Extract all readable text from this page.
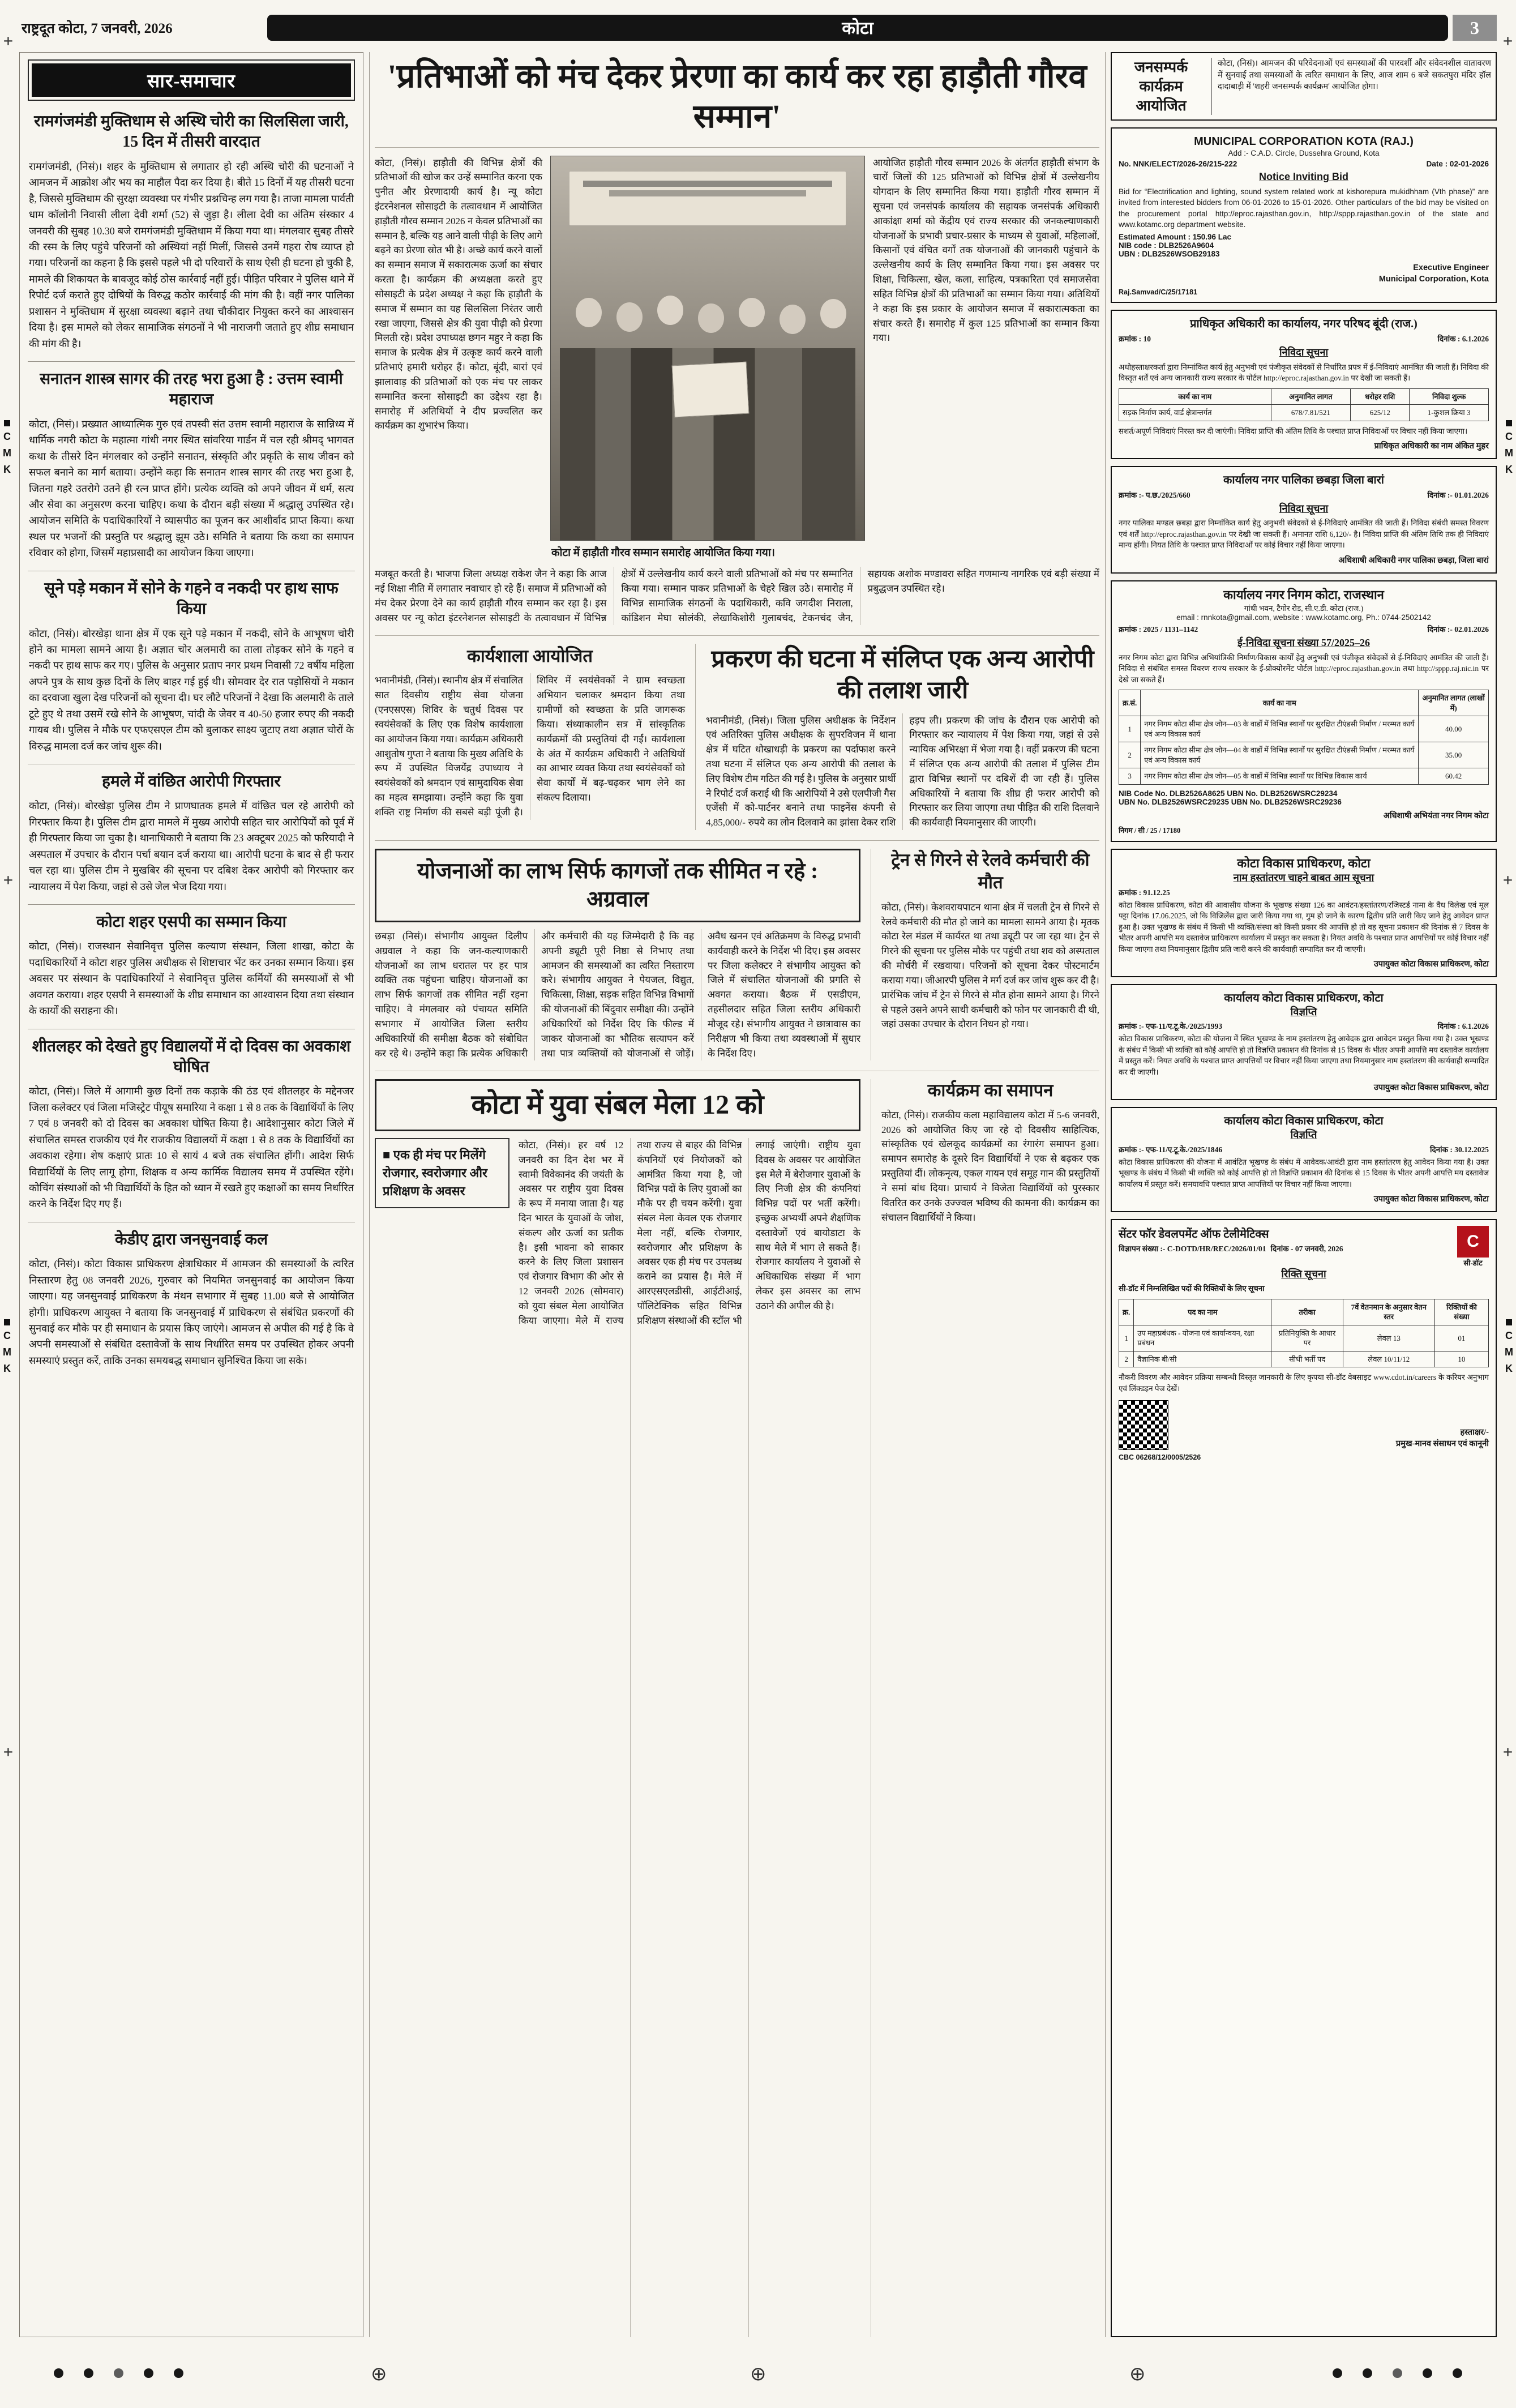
राष्ट्रदूत कोटा, 7 जनवरी, 2026	कोटा	3
सार-समाचार
रामगंजमंडी मुक्तिधाम से अस्थि चोरी का सिलसिला जारी, 15 दिन में तीसरी वारदात

रामगंजमंडी, (निसं)। शहर के मुक्तिधाम से लगातार हो रही अस्थि चोरी की घटनाओं ने आमजन में आक्रोश और भय का माहौल पैदा कर दिया है। बीते 15 दिनों में यह तीसरी घटना है, जिससे मुक्तिधाम की सुरक्षा व्यवस्था पर गंभीर प्रश्नचिन्ह लग गया है। ताजा मामला पार्वती धाम कॉलोनी निवासी लीला देवी शर्मा (52) से जुड़ा है। लीला देवी का अंतिम संस्कार 4 जनवरी की सुबह 10.30 बजे रामगंजमंडी मुक्तिधाम में किया गया था। मंगलवार सुबह तीसरे की रस्म के लिए पहुंचे परिजनों को अस्थियां नहीं मिलीं, जिससे उनमें गहरा रोष व्याप्त हो गया। परिजनों का कहना है कि इससे पहले भी दो परिवारों के साथ ऐसी ही घटना हो चुकी है, मामले की शिकायत के बावजूद कोई ठोस कार्रवाई नहीं हुई। पीड़ित परिवार ने पुलिस थाने में रिपोर्ट दर्ज कराते हुए दोषियों के विरुद्ध कठोर कार्रवाई की मांग की है। वहीं नगर पालिका प्रशासन ने मुक्तिधाम में सुरक्षा व्यवस्था बढ़ाने तथा चौकीदार नियुक्त करने का आश्वासन दिया है। इस मामले को लेकर सामाजिक संगठनों ने भी नाराजगी जताते हुए शीघ्र समाधान की मांग की है।

सनातन शास्त्र सागर की तरह भरा हुआ है : उत्तम स्वामी महाराज

कोटा, (निसं)। प्रख्यात आध्यात्मिक गुरु एवं तपस्वी संत उत्तम स्वामी महाराज के सान्निध्य में धार्मिक नगरी कोटा के महात्मा गांधी नगर स्थित सांवरिया गार्डन में चल रही श्रीमद् भागवत कथा के तीसरे दिन मंगलवार को उन्होंने सनातन, संस्कृति और प्रकृति के साथ जीवन को सफल बनाने का मार्ग बताया। उन्होंने कहा कि सनातन शास्त्र सागर की तरह भरा हुआ है, जितना गहरे उतरोगे उतने ही रत्न प्राप्त होंगे। प्रत्येक व्यक्ति को अपने जीवन में धर्म, सत्य और सेवा का अनुसरण करना चाहिए। कथा के दौरान बड़ी संख्या में श्रद्धालु उपस्थित रहे। आयोजन समिति के पदाधिकारियों ने व्यासपीठ का पूजन कर आशीर्वाद प्राप्त किया। कथा स्थल पर भजनों की प्रस्तुति पर श्रद्धालु झूम उठे। समिति ने बताया कि कथा का समापन रविवार को होगा, जिसमें महाप्रसादी का आयोजन किया जाएगा।

सूने पड़े मकान में सोने के गहने व नकदी पर हाथ साफ किया

कोटा, (निसं)। बोरखेड़ा थाना क्षेत्र में एक सूने पड़े मकान में नकदी, सोने के आभूषण चोरी होने का मामला सामने आया है। अज्ञात चोर अलमारी का ताला तोड़कर सोने के गहने व नकदी पर हाथ साफ कर गए। पुलिस के अनुसार प्रताप नगर प्रथम निवासी 72 वर्षीय महिला अपने पुत्र के साथ कुछ दिनों के लिए बाहर गई हुई थी। सोमवार देर रात पड़ोसियों ने मकान का दरवाजा खुला देख परिजनों को सूचना दी। घर लौटे परिजनों ने देखा कि अलमारी के ताले टूटे हुए थे तथा उसमें रखे सोने के आभूषण, चांदी के जेवर व 40-50 हजार रुपए की नकदी गायब थी। पुलिस ने मौके पर एफएसएल टीम को बुलाकर साक्ष्य जुटाए तथा अज्ञात चोरों के विरुद्ध मामला दर्ज कर जांच शुरू की।

हमले में वांछित आरोपी गिरफ्तार

कोटा, (निसं)। बोरखेड़ा पुलिस टीम ने प्राणघातक हमले में वांछित चल रहे आरोपी को गिरफ्तार किया है। पुलिस टीम द्वारा मामले में मुख्य आरोपी सहित चार आरोपियों को पूर्व में ही गिरफ्तार किया जा चुका है। थानाधिकारी ने बताया कि 23 अक्टूबर 2025 को फरियादी ने अस्पताल में उपचार के दौरान पर्चा बयान दर्ज कराया था। आरोपी घटना के बाद से ही फरार चल रहा था। पुलिस टीम ने मुखबिर की सूचना पर दबिश देकर आरोपी को गिरफ्तार कर न्यायालय में पेश किया, जहां से उसे जेल भेज दिया गया।

कोटा शहर एसपी का सम्मान किया

कोटा, (निसं)। राजस्थान सेवानिवृत्त पुलिस कल्याण संस्थान, जिला शाखा, कोटा के पदाधिकारियों ने कोटा शहर पुलिस अधीक्षक से शिष्टाचार भेंट कर उनका सम्मान किया। इस अवसर पर संस्थान के पदाधिकारियों ने सेवानिवृत्त पुलिस कर्मियों की समस्याओं से भी अवगत कराया। शहर एसपी ने समस्याओं के शीघ्र समाधान का आश्वासन दिया तथा संस्थान के कार्यों की सराहना की।

शीतलहर को देखते हुए विद्यालयों में दो दिवस का अवकाश घोषित

कोटा, (निसं)। जिले में आगामी कुछ दिनों तक कड़ाके की ठंड एवं शीतलहर के मद्देनजर जिला कलेक्टर एवं जिला मजिस्ट्रेट पीयूष समारिया ने कक्षा 1 से 8 तक के विद्यार्थियों के लिए 7 एवं 8 जनवरी को दो दिवस का अवकाश घोषित किया है। आदेशानुसार कोटा जिले में संचालित समस्त राजकीय एवं गैर राजकीय विद्यालयों में कक्षा 1 से 8 तक के विद्यार्थियों का अवकाश रहेगा। शेष कक्षाएं प्रातः 10 से सायं 4 बजे तक संचालित होंगी। आदेश सिर्फ विद्यार्थियों के लिए लागू होगा, शिक्षक व अन्य कार्मिक विद्यालय समय में उपस्थित रहेंगे। कोचिंग संस्थाओं को भी विद्यार्थियों के हित को ध्यान में रखते हुए कक्षाओं का समय निर्धारित करने के निर्देश दिए गए हैं।

केडीए द्वारा जनसुनवाई कल

कोटा, (निसं)। कोटा विकास प्राधिकरण क्षेत्राधिकार में आमजन की समस्याओं के त्वरित निस्तारण हेतु 08 जनवरी 2026, गुरुवार को नियमित जनसुनवाई का आयोजन किया जाएगा। यह जनसुनवाई प्राधिकरण के मंथन सभागार में सुबह 11.00 बजे से आयोजित होगी। प्राधिकरण आयुक्त ने बताया कि जनसुनवाई में प्राधिकरण से संबंधित प्रकरणों की सुनवाई कर मौके पर ही समाधान के प्रयास किए जाएंगे। आमजन से अपील की गई है कि वे अपनी समस्याओं से संबंधित दस्तावेजों के साथ निर्धारित समय पर उपस्थित होकर अपनी समस्याएं प्रस्तुत करें, ताकि उनका समयबद्ध समाधान सुनिश्चित किया जा सके।

'प्रतिभाओं को मंच देकर प्रेरणा का कार्य कर रहा हाड़ौती गौरव सम्मान'

कोटा, (निसं)। हाड़ौती की विभिन्न क्षेत्रों की प्रतिभाओं की खोज कर उन्हें सम्मानित करना एक पुनीत और प्रेरणादायी कार्य है। न्यू कोटा इंटरनेशनल सोसाइटी के तत्वावधान में आयोजित हाड़ौती गौरव सम्मान 2026 न केवल प्रतिभाओं का सम्मान है, बल्कि यह आने वाली पीढ़ी के लिए आगे बढ़ने का प्रेरणा स्रोत भी है। अच्छे कार्य करने वालों का सम्मान समाज में सकारात्मक ऊर्जा का संचार करता है। कार्यक्रम की अध्यक्षता करते हुए सोसाइटी के प्रदेश अध्यक्ष ने कहा कि हाड़ौती के समाज में सम्मान का यह सिलसिला निरंतर जारी रखा जाएगा, जिससे क्षेत्र की युवा पीढ़ी को प्रेरणा मिलती रहे। प्रदेश उपाध्यक्ष छगन महुर ने कहा कि समाज के प्रत्येक क्षेत्र में उत्कृष्ट कार्य करने वाली प्रतिभाएं हमारी धरोहर हैं। कोटा, बूंदी, बारां एवं झालावाड़ की प्रतिभाओं को एक मंच पर लाकर सम्मानित करना सोसाइटी का उद्देश्य रहा है। समारोह में अतिथियों ने दीप प्रज्वलित कर कार्यक्रम का शुभारंभ किया।

कोटा में हाड़ौती गौरव सम्मान समारोह आयोजित किया गया।

आयोजित हाड़ौती गौरव सम्मान 2026 के अंतर्गत हाड़ौती संभाग के चारों जिलों की 125 प्रतिभाओं को विभिन्न क्षेत्रों में उल्लेखनीय योगदान के लिए सम्मानित किया गया। हाड़ौती गौरव सम्मान में सूचना एवं जनसंपर्क कार्यालय की सहायक जनसंपर्क अधिकारी आकांक्षा शर्मा को केंद्रीय एवं राज्य सरकार की जनकल्याणकारी योजनाओं के प्रभावी प्रचार-प्रसार के माध्यम से युवाओं, महिलाओं, किसानों एवं वंचित वर्गों तक योजनाओं की जानकारी पहुंचाने के उल्लेखनीय कार्य के लिए सम्मानित किया गया। इस अवसर पर शिक्षा, चिकित्सा, खेल, कला, साहित्य, पत्रकारिता एवं समाजसेवा सहित विभिन्न क्षेत्रों की प्रतिभाओं का सम्मान किया गया। अतिथियों ने कहा कि इस प्रकार के आयोजन समाज में सकारात्मकता का संचार करते हैं। समारोह में कुल 125 प्रतिभाओं का सम्मान किया गया।

मजबूत करती है। भाजपा जिला अध्यक्ष राकेश जैन ने कहा कि आज नई शिक्षा नीति में लगातार नवाचार हो रहे हैं। समाज में प्रतिभाओं को मंच देकर प्रेरणा देने का कार्य हाड़ौती गौरव सम्मान कर रहा है। इस अवसर पर न्यू कोटा इंटरनेशनल सोसाइटी के तत्वावधान में विभिन्न क्षेत्रों में उल्लेखनीय कार्य करने वाली प्रतिभाओं को मंच पर सम्मानित किया गया। सम्मान पाकर प्रतिभाओं के चेहरे खिल उठे। समारोह में विभिन्न सामाजिक संगठनों के पदाधिकारी, कवि जगदीश निराला, कांडिशन मेघा सोलंकी, लेखाकिशोरी गुलाबचंद, टेकनचंद जैन, सहायक अशोक मण्डावरा सहित गणमान्य नागरिक एवं बड़ी संख्या में प्रबुद्धजन उपस्थित रहे।

कार्यशाला आयोजित

भवानीमंडी, (निसं)। स्थानीय क्षेत्र में संचालित सात दिवसीय राष्ट्रीय सेवा योजना (एनएसएस) शिविर के चतुर्थ दिवस पर स्वयंसेवकों के लिए एक विशेष कार्यशाला का आयोजन किया गया। कार्यक्रम अधिकारी आशुतोष गुप्ता ने बताया कि मुख्य अतिथि के रूप में उपस्थित विजयेंद्र उपाध्याय ने स्वयंसेवकों को श्रमदान एवं सामुदायिक सेवा का महत्व समझाया। उन्होंने कहा कि युवा शक्ति राष्ट्र निर्माण की सबसे बड़ी पूंजी है। शिविर में स्वयंसेवकों ने ग्राम स्वच्छता अभियान चलाकर श्रमदान किया तथा ग्रामीणों को स्वच्छता के प्रति जागरूक किया। संध्याकालीन सत्र में सांस्कृतिक कार्यक्रमों की प्रस्तुतियां दी गईं। कार्यशाला के अंत में कार्यक्रम अधिकारी ने अतिथियों का आभार व्यक्त किया तथा स्वयंसेवकों को सेवा कार्यों में बढ़-चढ़कर भाग लेने का संकल्प दिलाया।

प्रकरण की घटना में संलिप्त एक अन्य आरोपी की तलाश जारी

भवानीमंडी, (निसं)। जिला पुलिस अधीक्षक के निर्देशन एवं अतिरिक्त पुलिस अधीक्षक के सुपरविजन में थाना क्षेत्र में घटित धोखाधड़ी के प्रकरण का पर्दाफाश करने तथा घटना में संलिप्त एक अन्य आरोपी की तलाश के लिए विशेष टीम गठित की गई है। पुलिस के अनुसार प्रार्थी ने रिपोर्ट दर्ज कराई थी कि आरोपियों ने उसे एलपीजी गैस एजेंसी में को-पार्टनर बनाने तथा फाइनेंस कंपनी से 4,85,000/- रुपये का लोन दिलवाने का झांसा देकर राशि हड़प ली। प्रकरण की जांच के दौरान एक आरोपी को गिरफ्तार कर न्यायालय में पेश किया गया, जहां से उसे न्यायिक अभिरक्षा में भेजा गया है। वहीं प्रकरण की घटना में संलिप्त एक अन्य आरोपी की तलाश में पुलिस टीम द्वारा विभिन्न स्थानों पर दबिशें दी जा रही हैं। पुलिस अधिकारियों ने बताया कि शीघ्र ही फरार आरोपी को गिरफ्तार कर लिया जाएगा तथा पीड़ित की राशि दिलवाने की कार्यवाही नियमानुसार की जाएगी।

योजनाओं का लाभ सिर्फ कागजों तक सीमित न रहे : अग्रवाल

छबड़ा (निसं)। संभागीय आयुक्त दिलीप अग्रवाल ने कहा कि जन-कल्याणकारी योजनाओं का लाभ धरातल पर हर पात्र व्यक्ति तक पहुंचना चाहिए। योजनाओं का लाभ सिर्फ कागजों तक सीमित नहीं रहना चाहिए। वे मंगलवार को पंचायत समिति सभागार में आयोजित जिला स्तरीय अधिकारियों की समीक्षा बैठक को संबोधित कर रहे थे। उन्होंने कहा कि प्रत्येक अधिकारी और कर्मचारी की यह जिम्मेदारी है कि वह अपनी ड्यूटी पूरी निष्ठा से निभाए तथा आमजन की समस्याओं का त्वरित निस्तारण करे। संभागीय आयुक्त ने पेयजल, विद्युत, चिकित्सा, शिक्षा, सड़क सहित विभिन्न विभागों की योजनाओं की बिंदुवार समीक्षा की। उन्होंने अधिकारियों को निर्देश दिए कि फील्ड में जाकर योजनाओं का भौतिक सत्यापन करें तथा पात्र व्यक्तियों को योजनाओं से जोड़ें। अवैध खनन एवं अतिक्रमण के विरुद्ध प्रभावी कार्यवाही करने के निर्देश भी दिए। इस अवसर पर जिला कलेक्टर ने संभागीय आयुक्त को जिले में संचालित योजनाओं की प्रगति से अवगत कराया। बैठक में एसडीएम, तहसीलदार सहित जिला स्तरीय अधिकारी मौजूद रहे। संभागीय आयुक्त ने छात्रावास का निरीक्षण भी किया तथा व्यवस्थाओं में सुधार के निर्देश दिए।

ट्रेन से गिरने से रेलवे कर्मचारी की मौत

कोटा, (निसं)। केशवरायपाटन थाना क्षेत्र में चलती ट्रेन से गिरने से रेलवे कर्मचारी की मौत हो जाने का मामला सामने आया है। मृतक कोटा रेल मंडल में कार्यरत था तथा ड्यूटी पर जा रहा था। ट्रेन से गिरने की सूचना पर पुलिस मौके पर पहुंची तथा शव को अस्पताल की मोर्चरी में रखवाया। परिजनों को सूचना देकर पोस्टमार्टम कराया गया। जीआरपी पुलिस ने मर्ग दर्ज कर जांच शुरू कर दी है। प्रारंभिक जांच में ट्रेन से गिरने से मौत होना सामने आया है। गिरने से पहले उसने अपने साथी कर्मचारी को फोन पर जानकारी दी थी, जहां उसका उपचार के दौरान निधन हो गया।

कोटा में युवा संबल मेला 12 को
■ एक ही मंच पर मिलेंगे रोजगार, स्वरोजगार और प्रशिक्षण के अवसर

कोटा, (निसं)। हर वर्ष 12 जनवरी का दिन देश भर में स्वामी विवेकानंद की जयंती के अवसर पर राष्ट्रीय युवा दिवस के रूप में मनाया जाता है। यह दिन भारत के युवाओं के जोश, संकल्प और ऊर्जा का प्रतीक है। इसी भावना को साकार करने के लिए जिला प्रशासन एवं रोजगार विभाग की ओर से 12 जनवरी 2026 (सोमवार) को युवा संबल मेला आयोजित किया जाएगा। मेले में राज्य तथा राज्य से बाहर की विभिन्न कंपनियों एवं नियोजकों को आमंत्रित किया गया है, जो विभिन्न पदों के लिए युवाओं का मौके पर ही चयन करेंगी। युवा संबल मेला केवल एक रोजगार मेला नहीं, बल्कि रोजगार, स्वरोजगार और प्रशिक्षण के अवसर एक ही मंच पर उपलब्ध कराने का प्रयास है। मेले में आरएसएलडीसी, आईटीआई, पॉलिटेक्निक सहित विभिन्न प्रशिक्षण संस्थाओं की स्टॉल भी लगाई जाएंगी। राष्ट्रीय युवा दिवस के अवसर पर आयोजित इस मेले में बेरोजगार युवाओं के लिए निजी क्षेत्र की कंपनियां विभिन्न पदों पर भर्ती करेंगी। इच्छुक अभ्यर्थी अपने शैक्षणिक दस्तावेजों एवं बायोडाटा के साथ मेले में भाग ले सकते हैं। रोजगार कार्यालय ने युवाओं से अधिकाधिक संख्या में भाग लेकर इस अवसर का लाभ उठाने की अपील की है।

कार्यक्रम का समापन

कोटा, (निसं)। राजकीय कला महाविद्यालय कोटा में 5-6 जनवरी, 2026 को आयोजित किए जा रहे दो दिवसीय साहित्यिक, सांस्कृतिक एवं खेलकूद कार्यक्रमों का रंगारंग समापन हुआ। समापन समारोह के दूसरे दिन विद्यार्थियों ने एक से बढ़कर एक प्रस्तुतियां दीं। लोकनृत्य, एकल गायन एवं समूह गान की प्रस्तुतियों ने समां बांध दिया। प्राचार्य ने विजेता विद्यार्थियों को पुरस्कार वितरित कर उनके उज्ज्वल भविष्य की कामना की। कार्यक्रम का संचालन विद्यार्थियों ने किया।

जनसम्पर्क कार्यक्रम आयोजित

कोटा, (निसं)। आमजन की परिवेदनाओं एवं समस्याओं की पारदर्शी और संवेदनशील वातावरण में सुनवाई तथा समस्याओं के त्वरित समाधान के लिए, आज शाम 6 बजे सकतपुरा मंदिर हॉल दादाबाड़ी में 'शहरी जनसम्पर्क कार्यक्रम' आयोजित होगा।

MUNICIPAL CORPORATION KOTA (RAJ.)
Add :- C.A.D. Circle, Dussehra Ground, Kota
No. NNK/ELECT/2026-26/215-222	Date : 02-01-2026
Notice Inviting Bid

Bid for “Electrification and lighting, sound system related work at kishorepura mukidhham (Vth phase)” are invited from interested bidders from 06-01-2026 to 15-01-2026. Other particulars of the bid may be visited on the procurement portal http://eproc.rajasthan.gov.in, http://sppp.rajasthan.gov.in of the state and www.kotamc.org department website.

Estimated Amount : 150.96 Lac
NIB code : DLB2526A9604
UBN : DLB2526WSOB29183
Executive Engineer
Municipal Corporation, Kota
Raj.Samvad/C/25/17181
प्राधिकृत अधिकारी का कार्यालय, नगर परिषद बूंदी (राज.)
क्रमांक : 10	दिनांक : 6.1.2026
निविदा सूचना

अधोहस्ताक्षरकर्ता द्वारा निम्नांकित कार्य हेतु अनुभवी एवं पंजीकृत संवेदकों से निर्धारित प्रपत्र में ई-निविदाएं आमंत्रित की जाती हैं। निविदा की विस्तृत शर्तें एवं अन्य जानकारी राज्य सरकार के पोर्टल http://eproc.rajasthan.gov.in पर देखी जा सकती हैं।

कार्य का नाम	अनुमानित लागत	धरोहर राशि	निविदा शुल्क
सड़क निर्माण कार्य, वार्ड क्षेत्रान्तर्गत	678/7.81/521	625/12	1-कुशल क्रिया 3

सशर्त/अपूर्ण निविदाएं निरस्त कर दी जाएंगी। निविदा प्राप्ति की अंतिम तिथि के पश्चात प्राप्त निविदाओं पर विचार नहीं किया जाएगा।

प्राधिकृत अधिकारी का नाम अंकित मुहर
कार्यालय नगर पालिका छबड़ा जिला बारां
क्रमांक :- प.छ./2025/660	दिनांक :- 01.01.2026
निविदा सूचना

नगर पालिका मण्डल छबड़ा द्वारा निम्नांकित कार्य हेतु अनुभवी संवेदकों से ई-निविदाएं आमंत्रित की जाती हैं। निविदा संबंधी समस्त विवरण एवं शर्तें http://eproc.rajasthan.gov.in पर देखी जा सकती हैं। अमानत राशि 6,120/- है। निविदा प्राप्ति की अंतिम तिथि तक ही निविदाएं मान्य होंगी। नियत तिथि के पश्चात प्राप्त निविदाओं पर कोई विचार नहीं किया जाएगा।

अधिशाषी अधिकारी नगर पालिका छबड़ा, जिला बारां
कार्यालय नगर निगम कोटा, राजस्थान
गांधी भवन, टैगोर रोड, सी.ए.डी. कोटा (राज.)
email : rnnkota@gmail.com, website : www.kotamc.org, Ph.: 0744-2502142
क्रमांक : 2025 / 1131–1142	दिनांक :- 02.01.2026
ई-निविदा सूचना संख्या 57/2025–26

नगर निगम कोटा द्वारा विभिन्न अभियांत्रिकी निर्माण/विकास कार्यों हेतु अनुभवी एवं पंजीकृत संवेदकों से ई-निविदाएं आमंत्रित की जाती हैं। निविदा से संबंधित समस्त विवरण राज्य सरकार के ई-प्रोक्योरमेंट पोर्टल http://eproc.rajasthan.gov.in तथा http://sppp.raj.nic.in पर देखे जा सकते हैं।

क्र.सं.	कार्य का नाम	अनुमानित लागत (लाखों में)
1	नगर निगम कोटा सीमा क्षेत्र जोन—03 के वार्डों में विभिन्न स्थानों पर सुरक्षित टीएंडसी निर्माण / मरम्मत कार्य एवं अन्य विकास कार्य	40.00
2	नगर निगम कोटा सीमा क्षेत्र जोन—04 के वार्डों में विभिन्न स्थानों पर सुरक्षित टीएंडसी निर्माण / मरम्मत कार्य एवं अन्य विकास कार्य	35.00
3	नगर निगम कोटा सीमा क्षेत्र जोन—05 के वार्डों में विभिन्न स्थानों पर विभिन्न विकास कार्य	60.42
NIB Code No. DLB2526A8625 UBN No. DLB2526WSRC29234
UBN No. DLB2526WSRC29235 UBN No. DLB2526WSRC29236
अधिशाषी अभियंता नगर निगम कोटा
निगम / सी / 25 / 17180
कोटा विकास प्राधिकरण, कोटा
नाम हस्तांतरण चाहने बाबत आम सूचना
क्रमांक : 91.12.25

कोटा विकास प्राधिकरण, कोटा की आवासीय योजना के भूखण्ड संख्या 126 का आवंटन/हस्तांतरण/रजिस्टर्ड नामा के वैध विलेख एवं मूल पट्टा दिनांक 17.06.2025, जो कि विजिलेंस द्वारा जारी किया गया था, गुम हो जाने के कारण द्वितीय प्रति जारी किए जाने हेतु आवेदन प्राप्त हुआ है। उक्त भूखण्ड के संबंध में किसी भी व्यक्ति/संस्था को किसी प्रकार की आपत्ति हो तो वह सूचना प्रकाशन की दिनांक से 7 दिवस के भीतर अपनी आपत्ति मय दस्तावेज प्राधिकरण कार्यालय में प्रस्तुत कर सकता है। नियत अवधि के पश्चात प्राप्त आपत्तियों पर कोई विचार नहीं किया जाएगा तथा नियमानुसार द्वितीय प्रति जारी करने की कार्यवाही सम्पादित कर दी जाएगी।

उपायुक्त कोटा विकास प्राधिकरण, कोटा
कार्यालय कोटा विकास प्राधिकरण, कोटा
विज्ञप्ति
क्रमांक :- एफ-11/ए.टू.के./2025/1993	दिनांक : 6.1.2026

कोटा विकास प्राधिकरण, कोटा की योजना में स्थित भूखण्ड के नाम हस्तांतरण हेतु आवेदक द्वारा आवेदन प्रस्तुत किया गया है। उक्त भूखण्ड के संबंध में किसी भी व्यक्ति को कोई आपत्ति हो तो विज्ञप्ति प्रकाशन की दिनांक से 15 दिवस के भीतर अपनी आपत्ति मय दस्तावेज कार्यालय में प्रस्तुत करें। नियत अवधि के पश्चात प्राप्त आपत्तियों पर विचार नहीं किया जाएगा तथा नियमानुसार नाम हस्तांतरण की कार्यवाही सम्पादित कर दी जाएगी।

उपायुक्त कोटा विकास प्राधिकरण, कोटा
कार्यालय कोटा विकास प्राधिकरण, कोटा
विज्ञप्ति
क्रमांक :- एफ-11/ए.टू.के./2025/1846	दिनांक : 30.12.2025

कोटा विकास प्राधिकरण की योजना में आवंटित भूखण्ड के संबंध में आवेदक/आवंटी द्वारा नाम हस्तांतरण हेतु आवेदन किया गया है। उक्त भूखण्ड के संबंध में किसी भी व्यक्ति को कोई आपत्ति हो तो विज्ञप्ति प्रकाशन की दिनांक से 15 दिवस के भीतर अपनी आपत्ति मय दस्तावेज कार्यालय में प्रस्तुत करें। समयावधि पश्चात प्राप्त आपत्तियों पर विचार नहीं किया जाएगा।

उपायुक्त कोटा विकास प्राधिकरण, कोटा
सेंटर फॉर डेवलपमेंट ऑफ टेलीमेटिक्स
विज्ञापन संख्या :- C-DOTD/HR/REC/2026/01/01 दिनांक - 07 जनवरी, 2026	C
सी-डॉट
रिक्ति सूचना

सी-डॉट में निम्नलिखित पदों की रिक्तियों के लिए सूचना

क्र.	पद का नाम	तरीका	7वें वेतनमान के अनुसार वेतन स्तर	रिक्तियों की संख्या
1	उप महाप्रबंधक - योजना एवं कार्यान्वयन, रक्षा प्रबंधन	प्रतिनियुक्ति के आधार पर	लेवल 13	01
2	वैज्ञानिक बी/सी	सीधी भर्ती पद	लेवल 10/11/12	10

नौकरी विवरण और आवेदन प्रक्रिया सम्बन्धी विस्तृत जानकारी के लिए कृपया सी-डॉट वेबसाइट www.cdot.in/careers के करियर अनुभाग एवं लिंक्डइन पेज देखें।

हस्ताक्षर/-
प्रमुख-मानव संसाधन एवं कानूनी
CBC 06268/12/0005/2526
+	+
+	+
+	+
C
M
K
C
M
K
C
M
K
C
M
K
⊕	⊕	⊕
